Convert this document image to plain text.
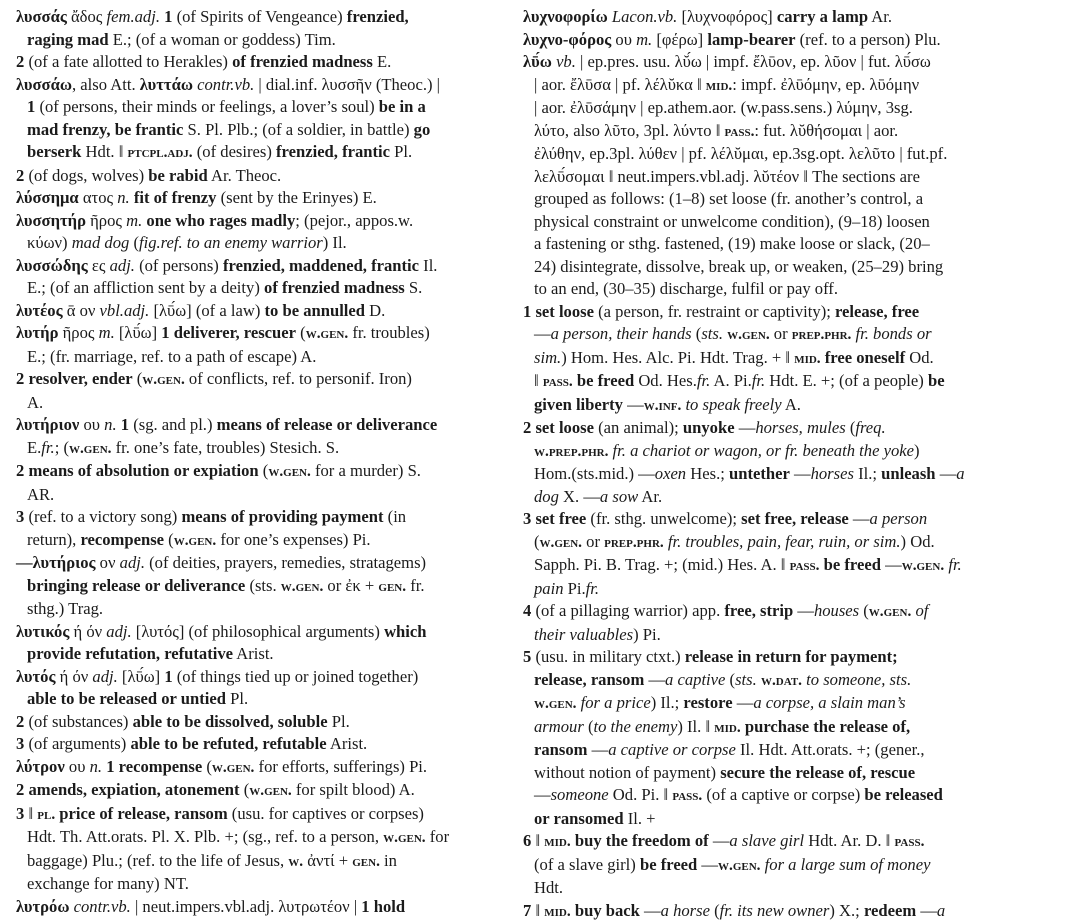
λυσσάς ἄδος fem.adj. 1 (of Spirits of Vengeance) frenzied,
raging mad E.; (of a woman or goddess) Tim.
2 (of a fate allotted to Herakles) of frenzied madness E.
λυσσάω, also Att. λυττάω contr.vb. | dial.inf. λυσσῆν (Theoc.) |
1 (of persons, their minds or feelings, a lover’s soul) be in a
mad frenzy, be frantic S. Pl. Plb.; (of a soldier, in battle) go
berserk Hdt. ‖ ptcpl.adj. (of desires) frenzied, frantic Pl.
2 (of dogs, wolves) be rabid Ar. Theoc.
λύσσημα ατος n. fit of frenzy (sent by the Erinyes) E.
λυσσητήρ ῆρος m. one who rages madly; (pejor., appos.w.
κύων) mad dog (fig.ref. to an enemy warrior) Il.
λυσσώδης ες adj. (of persons) frenzied, maddened, frantic Il.
E.; (of an affliction sent by a deity) of frenzied madness S.
λυτέος ᾱ ον vbl.adj. [λῡ́ω] (of a law) to be annulled D.
λυτήρ ῆρος m. [λῡ́ω] 1 deliverer, rescuer (w.gen. fr. troubles)
E.; (fr. marriage, ref. to a path of escape) A.
2 resolver, ender (w.gen. of conflicts, ref. to personif. Iron)
A.
λυτήριον ου n. 1 (sg. and pl.) means of release or deliverance
E.fr.; (w.gen. fr. one’s fate, troubles) Stesich. S.
2 means of absolution or expiation (w.gen. for a murder) S.
AR.
3 (ref. to a victory song) means of providing payment (in
return), recompense (w.gen. for one’s expenses) Pi.
—λυτήριος ον adj. (of deities, prayers, remedies, stratagems)
bringing release or deliverance (sts. w.gen. or ἐκ + gen. fr.
sthg.) Trag.
λυτικός ή όν adj. [λυτός] (of philosophical arguments) which
provide refutation, refutative Arist.
λυτός ή όν adj. [λῡ́ω] 1 (of things tied up or joined together)
able to be released or untied Pl.
2 (of substances) able to be dissolved, soluble Pl.
3 (of arguments) able to be refuted, refutable Arist.
λύτρον ου n. 1 recompense (w.gen. for efforts, sufferings) Pi.
2 amends, expiation, atonement (w.gen. for spilt blood) A.
3 ‖ pl. price of release, ransom (usu. for captives or corpses)
Hdt. Th. Att.orats. Pl. X. Plb. +; (sg., ref. to a person, w.gen. for
baggage) Plu.; (ref. to the life of Jesus, w. ἀντί + gen. in
exchange for many) NT.
λυτρόω contr.vb. | neut.impers.vbl.adj. λυτρωτέον | 1 hold
λυχνοφορίω Lacon.vb. [λυχνοφόρος] carry a lamp Ar.
λυχνο-φόρος ου m. [φέρω] lamp-bearer (ref. to a person) Plu.
λῡ́ω vb. | ep.pres. usu. λῠ́ω | impf. ἔλῡον, ep. λῦον | fut. λῡ́σω
| aor. ἔλῡσα | pf. λέλῠκα ‖ mid.: impf. ἐλῡόμην, ep. λῡόμην
| aor. ἐλῡσάμην | ep.athem.aor. (w.pass.sens.) λύμην, 3sg.
λύτο, also λῦτο, 3pl. λύντο ‖ pass.: fut. λῠθήσομαι | aor.
ἐλύθην, ep.3pl. λύθεν | pf. λέλῠμαι, ep.3sg.opt. λελῦτο | fut.pf.
λελῡ́σομαι ‖ neut.impers.vbl.adj. λῠτέον ‖ The sections are
grouped as follows: (1–8) set loose (fr. another’s control, a
physical constraint or unwelcome condition), (9–18) loosen
a fastening or sthg. fastened, (19) make loose or slack, (20–
24) disintegrate, dissolve, break up, or weaken, (25–29) bring
to an end, (30–35) discharge, fulfil or pay off.
1 set loose (a person, fr. restraint or captivity); release, free
—a person, their hands (sts. w.gen. or prep.phr. fr. bonds or
sim.) Hom. Hes. Alc. Pi. Hdt. Trag. + ‖ mid. free oneself Od.
‖ pass. be freed Od. Hes.fr. A. Pi.fr. Hdt. E. +; (of a people) be
given liberty —w.inf. to speak freely A.
2 set loose (an animal); unyoke —horses, mules (freq.
w.prep.phr. fr. a chariot or wagon, or fr. beneath the yoke)
Hom.(sts.mid.) —oxen Hes.; untether —horses Il.; unleash —a
dog X. —a sow Ar.
3 set free (fr. sthg. unwelcome); set free, release —a person
(w.gen. or prep.phr. fr. troubles, pain, fear, ruin, or sim.) Od.
Sapph. Pi. B. Trag. +; (mid.) Hes. A. ‖ pass. be freed —w.gen. fr.
pain Pi.fr.
4 (of a pillaging warrior) app. free, strip —houses (w.gen. of
their valuables) Pi.
5 (usu. in military ctxt.) release in return for payment;
release, ransom —a captive (sts. w.dat. to someone, sts.
w.gen. for a price) Il.; restore —a corpse, a slain man’s
armour (to the enemy) Il. ‖ mid. purchase the release of,
ransom —a captive or corpse Il. Hdt. Att.orats. +; (gener.,
without notion of payment) secure the release of, rescue
—someone Od. Pi. ‖ pass. (of a captive or corpse) be released
or ransomed Il. +
6 ‖ mid. buy the freedom of —a slave girl Hdt. Ar. D. ‖ pass.
(of a slave girl) be freed —w.gen. for a large sum of money
Hdt.
7 ‖ mid. buy back —a horse (fr. its new owner) X.; redeem —a
